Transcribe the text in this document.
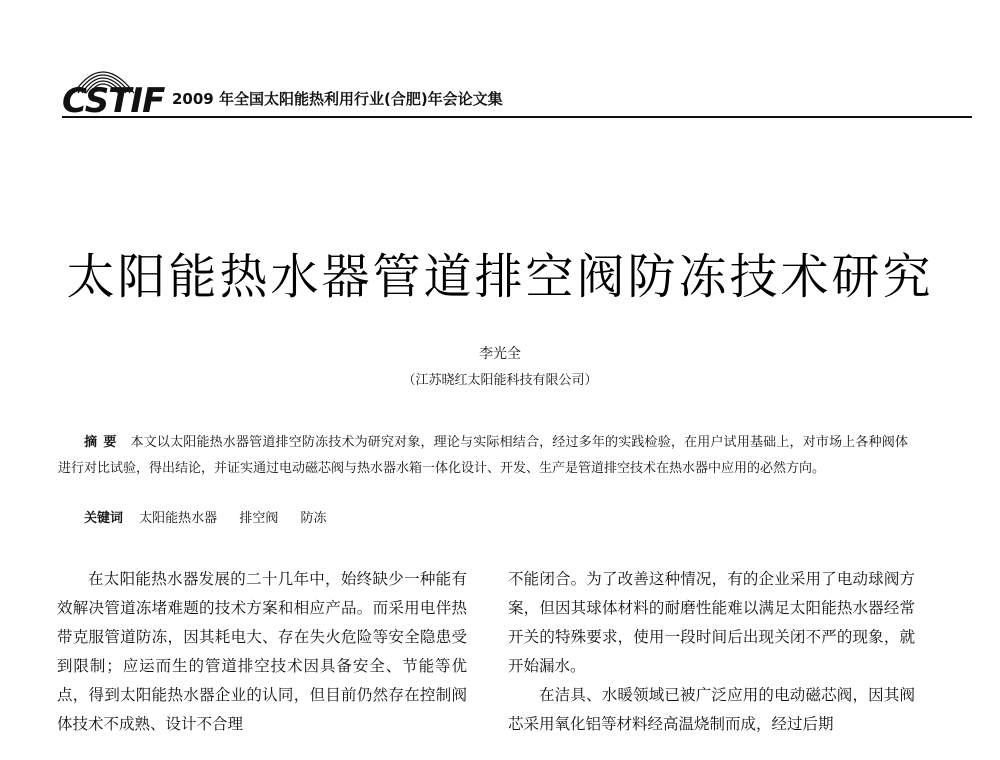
CSTIF 2009 年全国太阳能热利用行业(合肥)年会论文集
太阳能热水器管道排空阀防冻技术研究
李光全
（江苏晓红太阳能科技有限公司）
摘要 本文以太阳能热水器管道排空防冻技术为研究对象，理论与实际相结合，经过多年的实践检验，在用户试用基础上，对市场上各种阀体进行对比试验，得出结论，并证实通过电动磁芯阀与热水器水箱一体化设计、开发、生产是管道排空技术在热水器中应用的必然方向。
关键词 太阳能热水器 排空阀 防冻

在太阳能热水器发展的二十几年中，始终缺少一种能有效解决管道冻堵难题的技术方案和相应产品。而采用电伴热带克服管道防冻，因其耗电大、存在失火危险等安全隐患受到限制；应运而生的管道排空技术因具备安全、节能等优点，得到太阳能热水器企业的认同，但目前仍然存在控制阀体技术不成熟、设计不合理

不能闭合。为了改善这种情况，有的企业采用了电动球阀方案，但因其球体材料的耐磨性能难以满足太阳能热水器经常开关的特殊要求，使用一段时间后出现关闭不严的现象，就开始漏水。

在洁具、水暖领域已被广泛应用的电动磁芯阀，因其阀芯采用氧化铝等材料经高温烧制而成，经过后期
